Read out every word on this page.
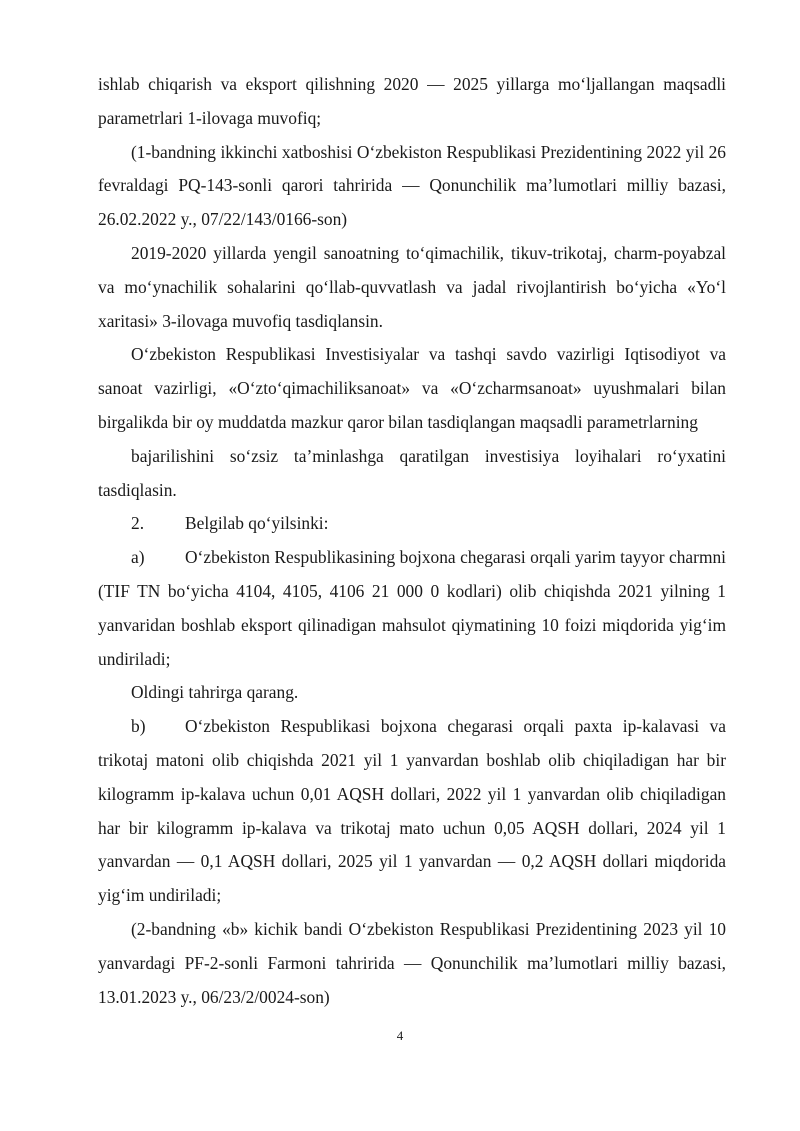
ishlab chiqarish va eksport qilishning 2020 — 2025 yillarga mo‘ljallangan maqsadli parametrlari 1-ilovaga muvofiq;

(1-bandning ikkinchi xatboshisi O‘zbekiston Respublikasi Prezidentining 2022 yil 26 fevraldagi PQ-143-sonli qarori tahririda — Qonunchilik ma’lumotlari milliy bazasi, 26.02.2022 y., 07/22/143/0166-son)

2019-2020 yillarda yengil sanoatning to‘qimachilik, tikuv-trikotaj, charm-poyabzal va mo‘ynachilik sohalarini qo‘llab-quvvatlash va jadal rivojlantirish bo‘yicha «Yo‘l xaritasi» 3-ilovaga muvofiq tasdiqlansin.

O‘zbekiston Respublikasi Investisiyalar va tashqi savdo vazirligi Iqtisodiyot va sanoat vazirligi, «O‘zto‘qimachiliksanoat» va «O‘zcharmsanoat» uyushmalari bilan birgalikda bir oy muddatda mazkur qaror bilan tasdiqlangan maqsadli parametrlarning

bajarilishini so‘zsiz ta’minlashga qaratilgan investisiya loyihalari ro‘yxatini tasdiqlasin.

2. Belgilab qo‘yilsinki:

a) O‘zbekiston Respublikasining bojxona chegarasi orqali yarim tayyor charmni (TIF TN bo‘yicha 4104, 4105, 4106 21 000 0 kodlari) olib chiqishda 2021 yilning 1 yanvaridan boshlab eksport qilinadigan mahsulot qiymatining 10 foizi miqdorida yig‘im undiriladi;

Oldingi tahrirga qarang.

b) O‘zbekiston Respublikasi bojxona chegarasi orqali paxta ip-kalavasi va trikotaj matoni olib chiqishda 2021 yil 1 yanvardan boshlab olib chiqiladigan har bir kilogramm ip-kalava uchun 0,01 AQSH dollari, 2022 yil 1 yanvardan olib chiqiladigan har bir kilogramm ip-kalava va trikotaj mato uchun 0,05 AQSH dollari, 2024 yil 1 yanvardan — 0,1 AQSH dollari, 2025 yil 1 yanvardan — 0,2 AQSH dollari miqdorida yig‘im undiriladi;

(2-bandning «b» kichik bandi O‘zbekiston Respublikasi Prezidentining 2023 yil 10 yanvardagi PF-2-sonli Farmoni tahririda — Qonunchilik ma’lumotlari milliy bazasi, 13.01.2023 y., 06/23/2/0024-son)

4
